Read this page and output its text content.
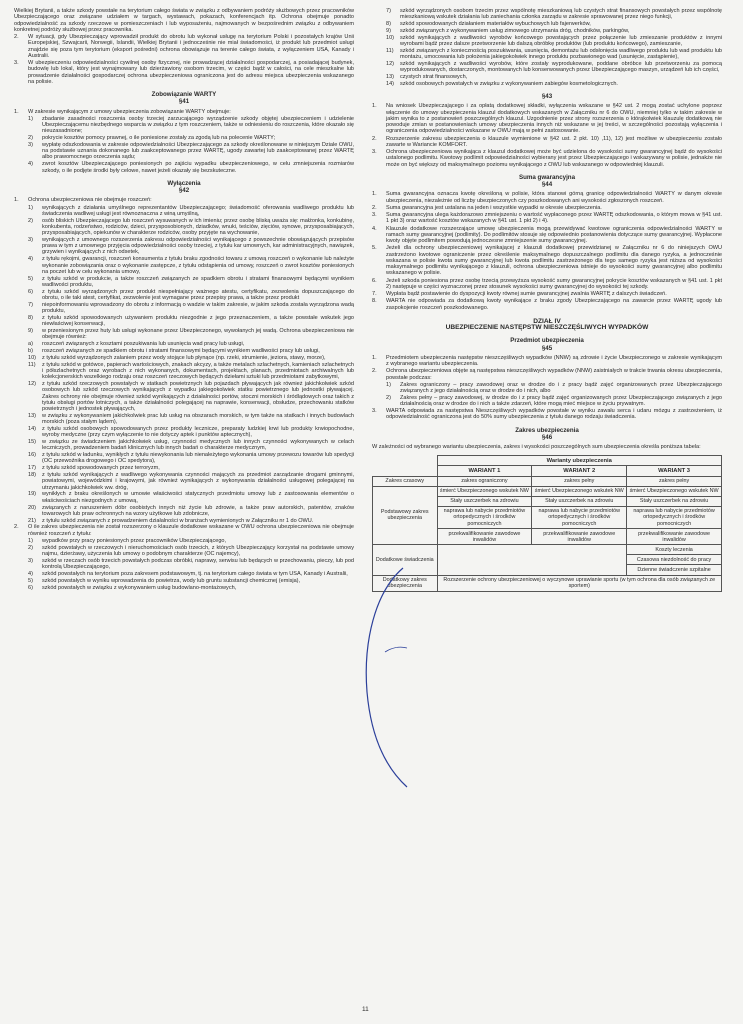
Wielkiej Brytanii, a także szkody powstałe na terytorium całego świata w związku z odbywaniem podróży służbowych przez pracowników Ubezpieczającego oraz związane udziałem w targach, wystawach, pokazach, konferencjach itp. Ochrona obejmuje ponadto odpowiedzialność za szkody rzeczowe w pomieszczeniach i lub wyposażeniu, najmowanych w bezpośrednim związku z odbywaniem konkretnej podróży służbowej przez pracownika.

2. W sytuacji, gdy Ubezpieczający wprowadził produkt do obrotu lub wykonał usługę na terytorium Polski i pozostałych krajów Unii Europejskiej, Szwajcarii, Norwegii, Islandii, Wielkiej Brytanii i jednocześnie nie miał świadomości, iż produkt lub przedmiot usługi znajdzie się poza tym terytorium (eksport pośredni) ochrona obowiązuje na terenie całego świata, z wyłączeniem USA, Kanady i Australii.
3. W ubezpieczeniu odpowiedzialności cywilnej osoby fizycznej, nie prowadzącej działalności gospodarczej, a posiadającej budynek, budowlę lub lokal, który jest wynajmowany lub dzierżawiony osobom trzecim, w części bądź w całości, na cele mieszkalne lub prowadzenie działalności gospodarczej ochrona ubezpieczeniowa ograniczona jest do adresu miejsca ubezpieczenia wskazanego na polisie.
Zobowiązanie WARTY
§41
1. W zakresie wynikającym z umowy ubezpieczenia zobowiązanie WARTY obejmuje:
1) zbadanie zasadności roszczenia osoby trzeciej zarzucającego wyrządzenie szkody objętej ubezpieczeniem i udzielenie Ubezpieczającemu niezbędnego wsparcia w związku z tym roszczeniem, także w odniesieniu do roszczenia, które okazało się nieuzasadnione;
2) pokrycie kosztów pomocy prawnej, o ile poniesione zostały za zgodą lub na polecenie WARTY;
3) wypłatę odszkodowania w zakresie odpowiedzialności Ubezpieczającego za szkody określonowane w niniejszym Dziale OWU, na podstawie uznania dokonanego lub zaakceptowanego przez WARTĘ, ugody zawartej lub zaakceptowanej przez WARTĘ albo prawomocnego orzeczenia sądu;
4) zwrot kosztów Ubezpieczającego poniesionych po zajściu wypadku ubezpieczeniowego, w celu zmniejszenia rozmiarów szkody, o ile podjęte środki były celowe, nawet jeżeli okazały się bezskuteczne.
Wyłączenia
§42
1. Ochrona ubezpieczeniowa nie obejmuje roszczeń:
1) wynikających z działania umyślnego reprezentantów Ubezpieczającego; świadomość oferowania wadliwego produktu lub świadczenia wadliwej usługi jest równoznaczna z winą umyślną,
2) osób bliskich Ubezpieczającego lub roszczeń wysuwanych w ich imieniu; przez osobę bliską uważa się: małżonka, konkubinę, konkubenta, rodzeństwo, rodziców, dzieci, przysposobionych, dziadków, wnuki, teściów, zięciów, synowe, przysposabiających, przysposabiających, opiekunów w charakterze rodziców, osoby przyjęte na wychowanie,
3) wynikających z umownego rozszerzenia zakresu odpowiedzialności wynikającego z powszechnie obowiązujących przepisów prawa w tym z umownego przyjęcia odpowiedzialności osoby trzeciej, z tytułu kar umownych, kar administracyjnych, nawiązek, grzywien i wynikających z nich odsetek,
4) z tytułu rękojmi, gwarancji, roszczeń konsumenta z tytułu braku zgodności towaru z umową roszczeń o wykonanie lub należyte wykonanie zobowiązania oraz o wykonanie zastępcze, z tytułu odstąpienia od umowy, roszczeń o zwrot kosztów poniesionych na poczet lub w celu wykonania umowy,
5) z tytułu szkód w produkcie, a także roszczeń związanych ze spadkiem obrotu i stratami finansowymi będącymi wynikiem wadliwości produktu,
6) z tytułu szkód wyrządzonych przez produkt niespełniający ważnego atestu, certyfikatu, zezwolenia dopuszczającego do obrotu, o ile taki atest, certyfikat, zezwolenie jest wymagane przez przepisy prawa, a także przez produkt
7) niepoinformowaniu wprowadzony do obrotu z informacją o wadzie w takim zakresie, w jakim szkoda została wyrządzona wadą produktu,
8) z tytułu szkód spowodowanych używaniem produktu niezgodnie z jego przeznaczeniem, a także powstałe wskutek jego niewłaściwej konserwacji,
9) w przeniesionym przez huty lub usługi wykonane przez Ubezpieczonego, wywołanych jej wadą. Ochrona ubezpieczeniowa nie obejmuje również:
a) roszczeń związanych z kosztami poszukiwania lub usunięcia wad pracy lub usługi,
b) roszczeń związanych ze spadkiem obrotu i stratami finansowymi będącymi wynikiem wadliwości pracy lub usługi,
10) z tytułu szkód wyrządzonych zalaniem przez wody stojące lub płynące (np. rzeki, strumienie, jeziora, stawy, morze),
11) z tytułu szkód w gotówce, papierach wartościowych, znakach akcyzy, a także metalach szlachetnych, kamieniach szlachetnych i półszlachetnych oraz wyrobach z nich wykonanych, dokumentach, projektach, planach, przedmiotach archiwalnych lub kolekcjonerskich wszelkiego rodzaju oraz roszczeń rzeczowych będących dziełami sztuki lub przedmiotami zabytkowymi,
12) z tytułu szkód rzeczowych powstałych w statkach powietrznych lub pojazdach pływających jak również jakichkolwiek szkód osobowych lub szkód rzeczowych wynikających z wypadku jakiegokolwiek statku powietrznego lub jednostki pływającej. Zakres ochrony nie obejmuje również szkód wynikających z działalności portów, stoczni morskich i śródlądowych oraz takich z tytułu obsługi portów lotniczych, a także działalności polegającej na naprawie, konserwacji, obsłudze, przechowaniu statków powietrznych i jednostek pływających,
13) w związku z wykonywaniem jakichkolwiek prac lub usług na obszarach morskich, w tym także na statkach i innych budowlach morskich (poza stałym lądem),
14) z tytułu szkód osobowych spowodowanych przez produkty lecznicze, preparaty ludzkiej krwi lub produkty krwiopochodne, wyroby medyczne (przy czym wyłączenie to nie dotyczy aptek i punktów aptecznych),
15) w związku ze świadczeniem jakichkolwiek usług, czynności medycznych lub innych czynności wykonywanych w celach leczniczych, prowadzeniem badań klinicznych lub innych badań o charakterze medycznym,
16) z tytułu szkód w ładunku, wynikłych z tytułu niewykonania lub nienależytego wykonania umowy przewozu towarów lub spedycji (OC przewoźnika drogowego i OC spedytora),
17) z tytułu szkód spowodowanych przez terroryzm,
18) z tytułu szkód wynikających z wadliwego wykonywania czynności mających za przedmiot zarządzanie drogami gminnymi, powiatowymi, wojewódzkimi i krajowymi, jak również wynikających z wykonywania działalności usługowej polegającej na utrzymaniu jakichkolwiek ww. dróg,
19) wynikłych z braku określonych w umowie właściwości statycznych przedmiotu umowy lub z zastosowania elementów o właściwościach niezgodnych z umową,
20) związanych z naruszeniem dóbr osobistych innych niż życie lub zdrowie, a także praw autorskich, patentów, znaków towarowych lub praw ochronnych na wzory użytkowe lub zdobnicze,
21) z tytułu szkód związanych z prowadzeniem działalności w branżach wymienionych w Załączniku nr 1 do OWU.
2. O ile zakres ubezpieczenia nie został rozszerzony o klauzule dodatkowe wskazane w OWU ochrona ubezpieczeniowa nie obejmuje również roszczeń z tytułu:
1) wypadków przy pracy poniesionych przez pracowników Ubezpieczającego,
2) szkód powstałych w rzeczowych i nieruchomościach osób trzecich, z których Ubezpieczający korzystał na podstawie umowy najmu, dzierżawy, użyczenia lub umowy o podobnym charakterze (OC najemcy),
3) szkód w rzeczach osób trzecich powstałych podczas obróbki, naprawy, serwisu lub będących w przechowaniu, pieczy, lub pod kontrolą Ubezpieczającego,
4) szkód powstałych na terytorium poza zakresem podstawowym, tj. na terytorium całego świata w tym USA, Kanady i Australii,
5) szkód powstałych w wyniku wprowadzenia do powietrza, wody lub gruntu substancji chemicznej (emisja),
6) szkód powstałych w związku z wykonywaniem usług budowlano-montażowych,
7) szkód wyrządzonych osobom trzecim przez wspólnotę mieszkaniową lub czystych strat finansowych powstałych przez wspólnotę mieszkaniową wskutek działania lub zaniechania członka zarządu w zakresie sprawowanej przez niego funkcji,
8) szkód spowodowanych działaniem materiałów wybuchowych lub fajerwerków,
9) szkód związanych z wykonywaniem usług zimowego utrzymania dróg, chodników, parkingów,
10) szkód wynikających z wadliwości wyrobów końcowego powstających przez połączenie lub zmieszanie produktów z innymi wyrobami bądź przez dalsze przetworzenie lub dalszą obróbkę produktów (lub produktu końcowego), zamieszanie,
11) szkód związanych z koniecznością poszukiwania, usunięcia, demontażu lub odsłonięcia wadliwego produktu lub wad produktu lub montażu, umocowania lub położenia jakiegokolwiek innego produktu pozbawionego wad (usunięcie, zastąpienie),
12) szkód wynikających z wadliwości wyrobów, które zostały wyprodukowane, poddane obróbce lub przetworzeniu za pomocą wyprodukowanych, dostarczonych, montowanych lub konserwowanych przez Ubezpieczającego maszyn, urządzeń lub ich części,
13) czystych strat finansowych,
14) szkód osobowych powstałych w związku z wykonywaniem zabiegów kosmetologicznych.
§43
1. Na wniosek Ubezpieczającego i za opłatą dodatkowej składki, wyłączenia wskazane w §42 ust. 2 mogą zostać uchylone poprzez włączenie do umowy ubezpieczenia klauzul dodatkowych wskazanych w Załączniku nr 6 do OWU, niemniej tylko w takim zakresie w jakim wynika to z postanowień poszczególnych klauzul. Uzgodnienie przez strony rozszerzenia o którąkolwiek klauzulę dodatkową nie powoduje zmian w postanowieniach umowy ubezpieczenia innych niż wskazane w jej treści, w szczególności pozostają wyłączenia i ograniczenia odpowiedzialności wskazane w OWU mają w pełni zastosowanie.
2. Rozszerzenie zakresu ubezpieczenia o klauzule wymienione w §42 ust. 2 pkt. 10) ,11), 12) jest możliwe w ubezpieczeniu zostało zawarte w Wariancie KOMFORT.
3. Ochrona ubezpieczeniowa wynikająca z klauzul dodatkowej może być udzielona do wysokości sumy gwarancyjnej bądź do wysokości ustalonego podlimitu. Kwotowy podlimit odpowiedzialności wybierany jest przez Ubezpieczającego i wskazywany w polisie, jednakże nie może on być większy od maksymalnego poziomu wynikającego z OWU lub wskazanego w odpowiedniej klauzuli.
Suma gwarancyjna
§44
1. Suma gwarancyjna oznacza kwotę określoną w polisie, która stanowi górną granicę odpowiedzialności WARTY w danym okresie ubezpieczenia, niezależnie od liczby ubezpieczonych czy poszkodowanych ani wysokości zgłoszonych roszczeń.
2. Suma gwarancyjna jest ustalana na jeden i wszystkie wypadki w okresie ubezpieczenia.
3. Suma gwarancyjna ulega każdorazowo zmniejszeniu o wartość wypłaconego przez WARTĘ odszkodowania, o którym mowa w §41 ust. 1 pkt 3) oraz wartość kosztów wskazanych w §41 ust. 1 pkt 2) i 4).
4. Klauzule dodatkowe rozszerzające umowę ubezpieczenia mogą przewidywać kwotowe ograniczenia odpowiedzialności WARTY w ramach sumy gwarancyjnej (podlimity). Do podlimitów stosuje się odpowiednio postanowienia dotyczące sumy gwarancyjnej. Wypłacone kwoty objęte podlimitem powodują jednoczesne zmniejszenie sumy gwarancyjnej.
5. Jeżeli dla ochrony ubezpieczeniowej wynikającej z klauzuli dodatkowej przewidzianej w Załączniku nr 6 do niniejszych OWU zastrzeżono kwotowe ograniczenie przez określenie maksymalnego dopuszczalnego podlimitu dla danego ryzyka, a jednocześnie wskazana w polisie kwota sumy gwarancyjnej lub kwota podlimitu zastrzeżonego dla tego samego ryzyka jest niższa od wysokości maksymalnego podlimitu wynikającego z klauzuli, ochrona ubezpieczeniowa istnieje do wysokości sumy gwarancyjnej albo podlimitu wskazanego w polisie.
6. Jeżeli szkoda poniesiona przez osobę trzecią przewyższa wysokość sumy gwarancyjnej pokrycie kosztów wskazanych w §41 ust. 1 pkt 2) następuje w części wyznaczonej przez stosunek wysokości sumy gwarancyjnej do wysokości tej szkody.
7. Wypłata bądź postawienie do dyspozycji kwoty równej sumie gwarancyjnej zwalnia WARTĘ z dalszych świadczeń.
8. WARTA nie odpowiada za dodatkową kwoty wynikające z braku zgody Ubezpieczającego na zawarcie przez WARTĘ ugody lub zaspokojenie roszczeń poszkodowanego.
DZIAŁ IV
UBEZPIECZENIE NASTĘPSTW NIESZCZĘŚLIWYCH WYPADKÓW
Przedmiot ubezpieczenia
§45
1. Przedmiotem ubezpieczenia następstw nieszczęśliwych wypadków (NNW) są zdrowie i życie Ubezpieczonego w zakresie wynikającym z wybranego wariantu ubezpieczenia.
2. Ochrona ubezpieczeniowa objęte są następstwa nieszczęśliwych wypadków (NNW) zaistniałych w trakcie trwania okresu ubezpieczenia, powstałe podczas:
1) Zakres ograniczony – pracy zawodowej oraz w drodze do i z pracy bądź zajęć organizowanych przez Ubezpieczającego związanych z jego działalnością oraz w drodze do i nich, albo
2) Zakres pełny – pracy zawodowej, w drodze do i z pracy bądź zajęć organizowanych przez Ubezpieczającego związanych z jego działalnością oraz w drodze do i nich a także zdarzeń, które mogą mieć miejsce w życiu prywatnym.
3. WARTA odpowiada za następstwa Nieszczęśliwych wypadków powstałe w wyniku zawału serca i udaru mózgu z zastrzeżeniem, iż odpowiedzialność ograniczona jest do 50% sumy ubezpieczenia z tytułu danego rodzaju świadczenia.
Zakres ubezpieczenia
§46

W zależności od wybranego wariantu ubezpieczenia, zakres i wysokości poszczególnych sum ubezpieczenia określa poniższa tabela:

	Warianty ubezpieczenia		
	WARIANT 1	WARIANT 2	WARIANT 3
Zakres czasowy	zakres ograniczony	zakres pełny	zakres pełny
Podstawowy zakres ubezpieczenia	śmierć Ubezpieczonego wskutek NW	śmierć Ubezpieczonego wskutek NW	śmierć Ubezpieczonego wskutek NW
	Stały uszczerbek na zdrowiu	Stały uszczerbek na zdrowiu	Stały uszczerbek na zdrowiu
	naprawa lub nabycie przedmiotów ortopedycznych i środków pomocniczych	naprawa lub nabycie przedmiotów ortopedycznych i środków pomocniczych	naprawa lub nabycie przedmiotów ortopedycznych i środków pomocniczych
	przekwalifikowanie zawodowe inwalidów	przekwalifikowanie zawodowe inwalidów	przekwalifikowanie zawodowe inwalidów
Dodatkowe świadczenia			Koszty leczenia
			Czasowa niezdolność do pracy
			Dzienne świadczenie szpitalne
Dodatkowy zakres ubezpieczenia	Rozszerzenie ochrony ubezpieczeniowej o wyczynowe uprawianie sportu (w tym ochrona dla osób związanych ze sportem)		
11
